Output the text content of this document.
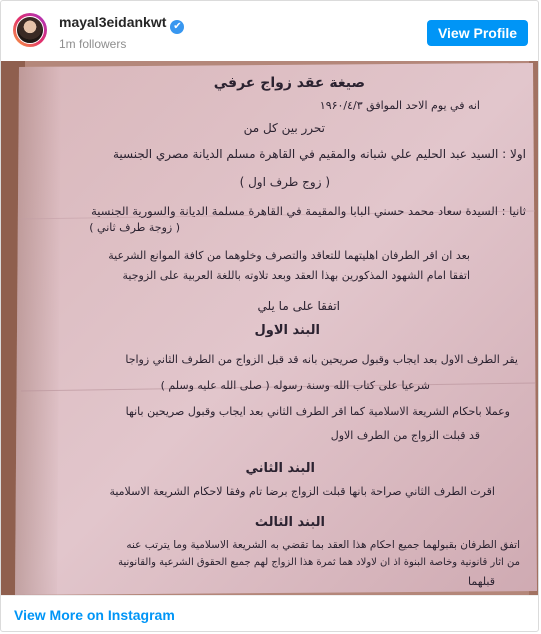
mayal3eidankwt ✔
1m followers
View Profile
صيغة عقد زواج عرفي
انه في يوم الاحد الموافق ۱۹۶۰/٤/٣
تحرر بين كل من
اولا : السيد عبد الحليم علي شبانه والمقيم في القاهرة مسلم الديانة مصري الجنسية
( زوج طرف اول )
ثانيا : السيدة سعاد محمد حسني البابا والمقيمة في القاهرة مسلمة الديانة والسورية الجنسية
( زوجة طرف ثاني )
بعد ان اقر الطرفان اهليتهما للتعاقد والتصرف وخلوهما من كافة الموانع الشرعية
اتفقا امام الشهود المذكورين بهذا العقد وبعد تلاوته باللغة العربية على الزوجية
اتفقا على ما يلي
البند الاول
يقر الطرف الاول بعد ايجاب وقبول صريحين بانه قد قبل الزواج من الطرف الثاني زواجا
شرعيا على كتاب الله وسنة رسوله ( صلى الله عليه وسلم )
وعملا باحكام الشريعة الاسلامية كما اقر الطرف الثاني بعد ايجاب وقبول صريحين بانها
قد قبلت الزواج من الطرف الاول
البند الثاني
اقرت الطرف الثاني صراحة بانها قبلت الزواج برضا تام وفقا لاحكام الشريعة الاسلامية
البند الثالث
اتفق الطرفان بقبولهما جميع احكام هذا العقد بما تقضي به الشريعة الاسلامية وما يترتب عنه
من اثار قانونية وخاصة البنوة اذ ان لاولاد هما ثمرة هذا الزواج لهم جميع الحقوق الشرعية والقانونية
قبلهما
View More on Instagram
